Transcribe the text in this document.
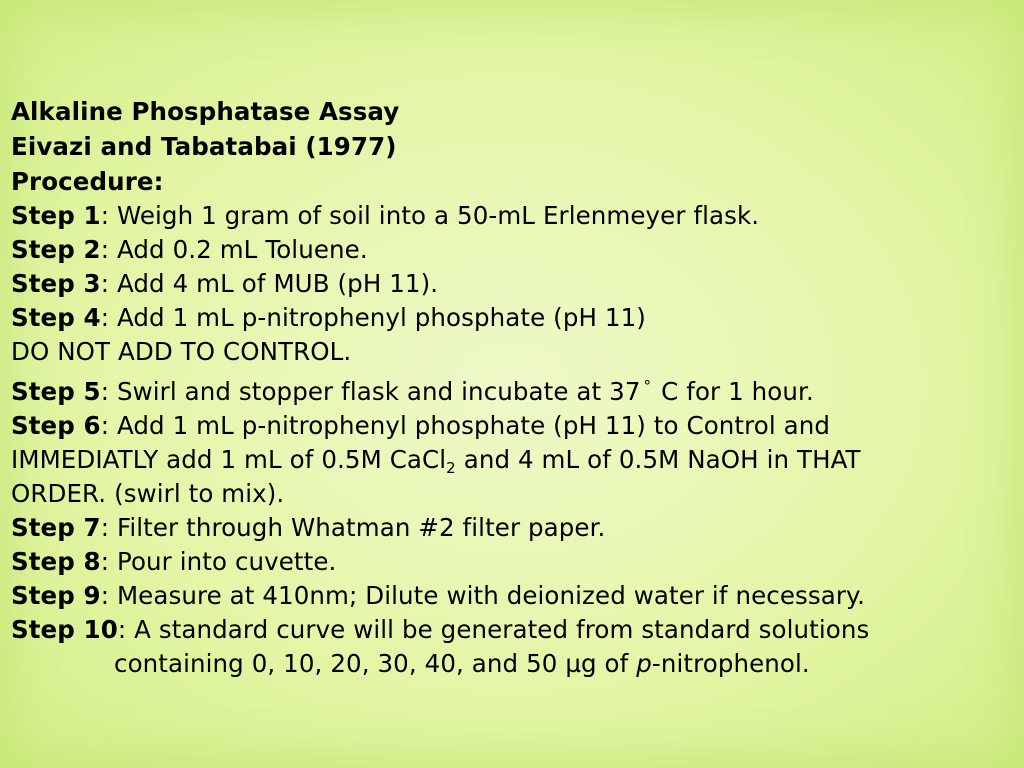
Alkaline Phosphatase Assay
Eivazi and Tabatabai (1977)
Procedure:
Step 1: Weigh 1 gram of soil into a 50-mL Erlenmeyer flask.
Step 2: Add 0.2 mL Toluene.
Step 3: Add 4 mL of MUB (pH 11).
Step 4: Add 1 mL p-nitrophenyl phosphate (pH 11)
DO NOT ADD TO CONTROL.
Step 5: Swirl and stopper flask and incubate at 37 ° C for 1 hour.
Step 6: Add 1 mL p-nitrophenyl phosphate (pH 11) to Control and
IMMEDIATLY add 1 mL of 0.5M CaCl$_2$ and 4 mL of 0.5M NaOH in THAT
ORDER. (swirl to mix).
Step 7: Filter through Whatman #2 filter paper.
Step 8: Pour into cuvette.
Step 9: Measure at 410nm; Dilute with deionized water if necessary.
Step 10: A standard curve will be generated from standard solutions
containing 0, 10, 20, 30, 40, and 50 µg of p-nitrophenol.
